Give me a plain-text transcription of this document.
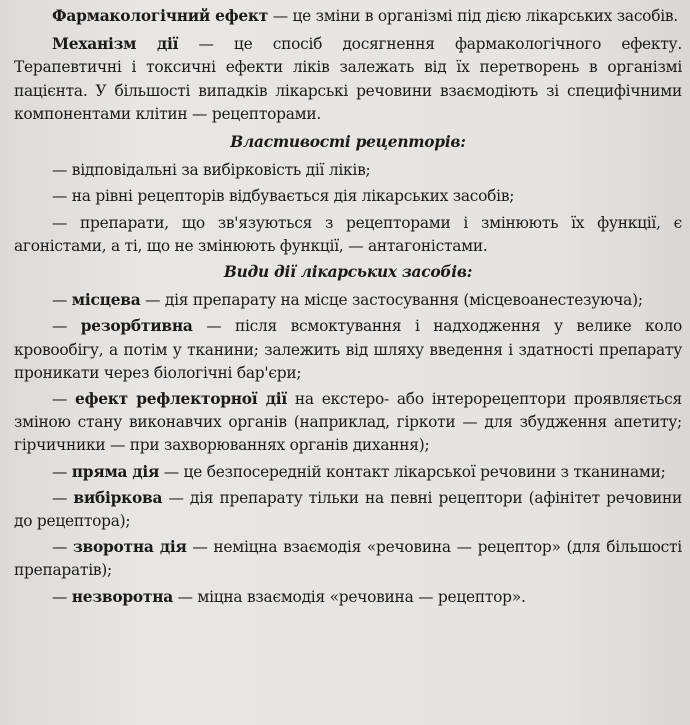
Фармакологічний ефект — це зміни в організмі під дією лікарських засобів.

Механізм дії — це спосіб досягнення фармакологічного ефекту. Терапевтичні і токсичні ефекти ліків залежать від їх перетворень в організмі пацієнта. У більшості випадків лікарські речовини взаємодіють зі специфічними компонентами клітин — рецепторами.

Властивості рецепторів:

— відповідальні за вибірковість дії ліків;

— на рівні рецепторів відбувається дія лікарських засобів;

— препарати, що зв'язуються з рецепторами і змінюють їх функції, є агоністами, а ті, що не змінюють функції, — антагоністами.

Види дії лікарських засобів:

— місцева — дія препарату на місце застосування (місцевоанестезуюча);

— резорбтивна — після всмоктування і надходження у велике коло кровообігу, а потім у тканини; залежить від шляху введення і здатності препарату проникати через біологічні бар'єри;

— ефект рефлекторної дії на екстеро- або інтерорецептори проявляється зміною стану виконавчих органів (наприклад, гіркоти — для збудження апетиту; гірчичники — при захворюваннях органів дихання);

— пряма дія — це безпосередній контакт лікарської речовини з тканинами;

— вибіркова — дія препарату тільки на певні рецептори (афінітет речовини до рецептора);

— зворотна дія — неміцна взаємодія «речовина — рецептор» (для більшості препаратів);

— незворотна — міцна взаємодія «речовина — рецептор».
